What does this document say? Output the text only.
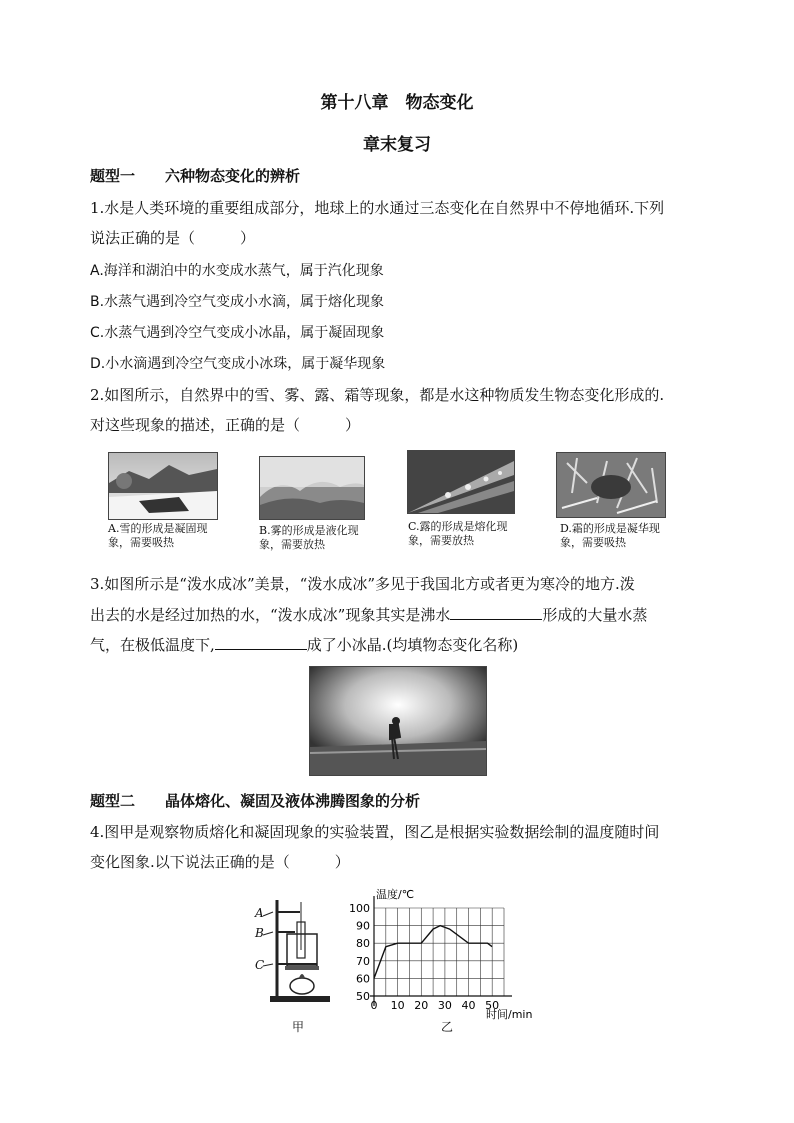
第十八章　物态变化
章末复习
题型一　　六种物态变化的辨析
1.水是人类环境的重要组成部分，地球上的水通过三态变化在自然界中不停地循环.下列
说法正确的是（　　　）
A.海洋和湖泊中的水变成水蒸气，属于汽化现象
B.水蒸气遇到冷空气变成小水滴，属于熔化现象
C.水蒸气遇到冷空气变成小冰晶，属于凝固现象
D.小水滴遇到冷空气变成小冰珠，属于凝华现象
2.如图所示，自然界中的雪、雾、露、霜等现象，都是水这种物质发生物态变化形成的.
对这些现象的描述，正确的是（　　　）
A.雪的形成是凝固现象，需要吸热
B.雾的形成是液化现象，需要放热
C.露的形成是熔化现象，需要放热
D.霜的形成是凝华现象，需要吸热
3.如图所示是“泼水成冰”美景，“泼水成冰”多见于我国北方或者更为寒冷的地方.泼
出去的水是经过加热的水，“泼水成冰”现象其实是沸水	形成的大量水蒸
气，在极低温度下,	成了小冰晶.(均填物态变化名称)
题型二　　晶体熔化、凝固及液体沸腾图象的分析
4.图甲是观察物质熔化和凝固现象的实验装置，图乙是根据实验数据绘制的温度随时间
变化图象.以下说法正确的是（　　　）
A
B
C
甲
50
60
70
80
90
100
0 10 20 30 40 50
温度/℃
时间/min
乙
